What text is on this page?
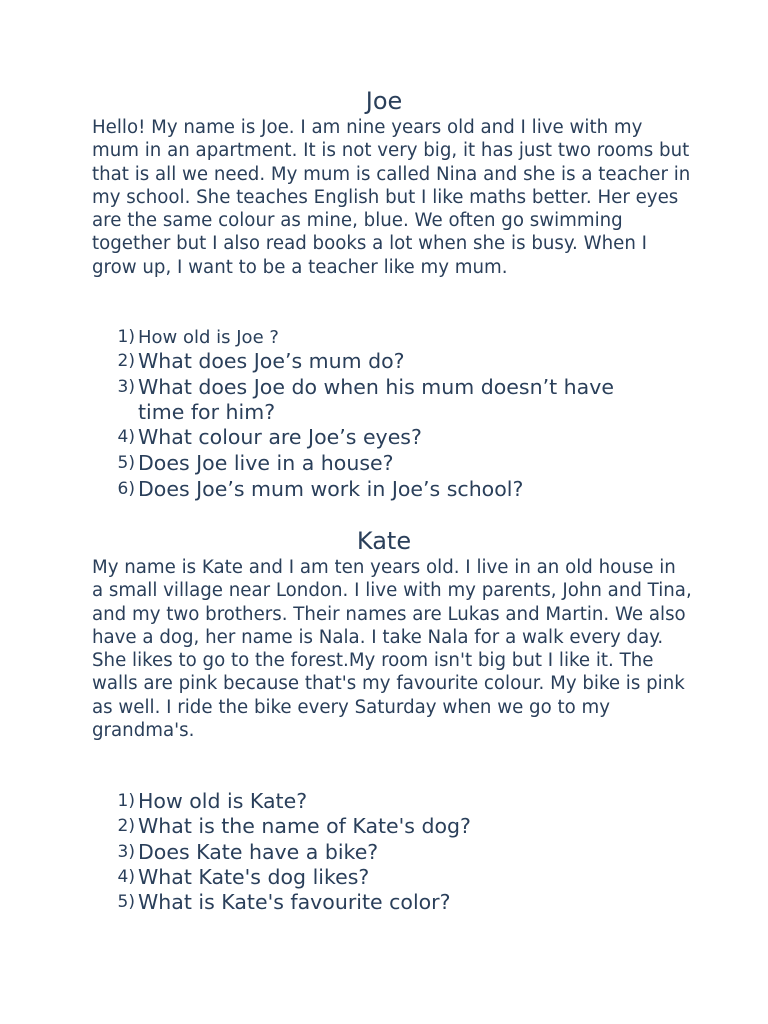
Joe

Hello! My name is Joe. I am nine years old and I live with my mum in an apartment. It is not very big, it has just two rooms but that is all we need. My mum is called Nina and she is a teacher in my school. She teaches English but I like maths better. Her eyes are the same colour as mine, blue. We often go swimming together but I also read books a lot when she is busy. When I grow up, I want to be a teacher like my mum.

1) How old is Joe ?
2) What does Joe’s mum do?
3) What does Joe do when his mum doesn’t have time for him?
4) What colour are Joe’s eyes?
5) Does Joe live in a house?
6) Does Joe’s mum work in Joe’s school?
Kate

My name is Kate and I am ten years old. I live in an old house in a small village near London. I live with my parents, John and Tina, and my two brothers. Their names are Lukas and Martin. We also have a dog, her name is Nala. I take Nala for a walk every day. She likes to go to the forest.My room isn't big but I like it. The walls are pink because that's my favourite colour. My bike is pink as well. I ride the bike every Saturday when we go to my grandma's.

1) How old is Kate?
2) What is the name of Kate's dog?
3) Does Kate have a bike?
4) What Kate's dog likes?
5) What is Kate's favourite color?
